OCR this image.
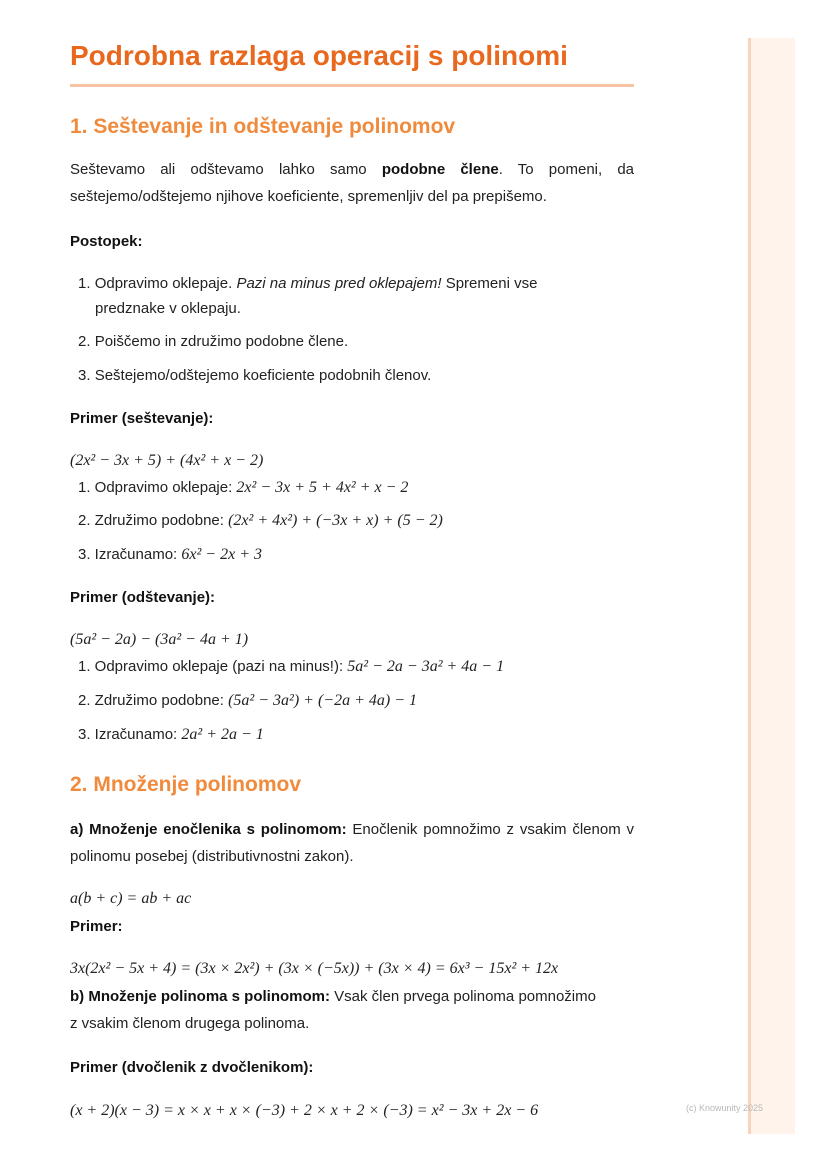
Podrobna razlaga operacij s polinomi
1. Seštevanje in odštevanje polinomov
Seštevamo ali odštevamo lahko samo podobne člene. To pomeni, da seštejemo/odštejemo njihove koeficiente, spremenljiv del pa prepišemo.
Postopek:
1. Odpravimo oklepaje. Pazi na minus pred oklepajem! Spremeni vse
predznake v oklepaju.
2. Poiščemo in združimo podobne člene.
3. Seštejemo/odštejemo koeficiente podobnih členov.
Primer (seštevanje):
(2x² − 3x + 5) + (4x² + x − 2)
1. Odpravimo oklepaje: 2x² − 3x + 5 + 4x² + x − 2
2. Združimo podobne: (2x² + 4x²) + (−3x + x) + (5 − 2)
3. Izračunamo: 6x² − 2x + 3
Primer (odštevanje):
(5a² − 2a) − (3a² − 4a + 1)
1. Odpravimo oklepaje (pazi na minus!): 5a² − 2a − 3a² + 4a − 1
2. Združimo podobne: (5a² − 3a²) + (−2a + 4a) − 1
3. Izračunamo: 2a² + 2a − 1
2. Množenje polinomov
a) Množenje enočlenika s polinomom: Enočlenik pomnožimo z vsakim členom v polinomu posebej (distributivnostni zakon).
a(b + c) = ab + ac
Primer:
3x(2x² − 5x + 4) = (3x × 2x²) + (3x × (−5x)) + (3x × 4) = 6x³ − 15x² + 12x
b) Množenje polinoma s polinomom: Vsak člen prvega polinoma pomnožimo
z vsakim členom drugega polinoma.
Primer (dvočlenik z dvočlenikom):
(x + 2)(x − 3) = x × x + x × (−3) + 2 × x + 2 × (−3) = x² − 3x + 2x − 6	(c) Knowunity 2025
